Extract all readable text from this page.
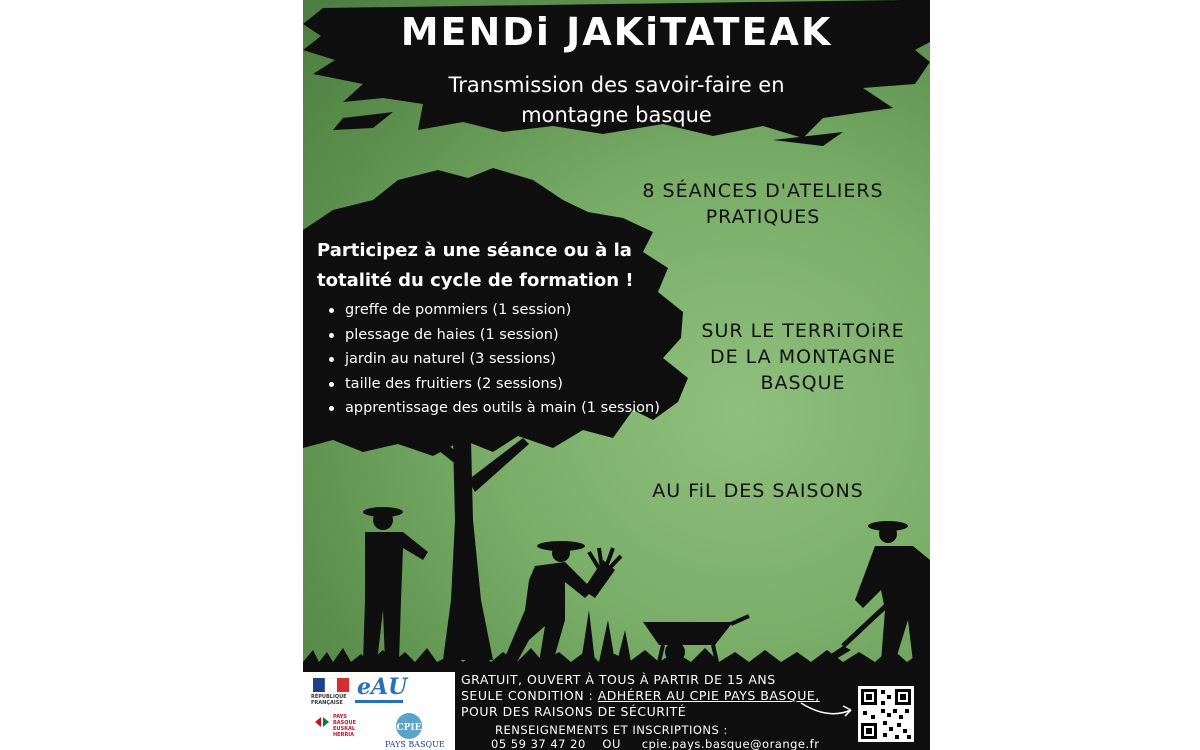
MENDi JAKiTATEAK
Transmission des savoir-faire en
montagne basque
8 SÉANCES D'ATELIERS
PRATIQUES
SUR LE TERRiTOiRE
DE LA MONTAGNE
BASQUE
AU FiL DES SAISONS
Participez à une séance ou à la
totalité du cycle de formation !
greffe de pommiers (1 session)
plessage de haies (1 session)
jardin au naturel (3 sessions)
taille des fruitiers (2 sessions)
apprentissage des outils à main (1 session)
GRATUIT, OUVERT À TOUS À PARTIR DE 15 ANS
SEULE CONDITION : ADHÉRER AU CPIE PAYS BASQUE,
POUR DES RAISONS DE SÉCURITÉ
RENSEIGNEMENTS ET INSCRIPTIONS :
05 59 37 47 20 OU cpie.pays.basque@orange.fr
RÉPUBLIQUE
FRANÇAISE
eAU
PAYS
BASQUE
EUSKAL
HERRIA
CPIE
PAYS BASQUE
